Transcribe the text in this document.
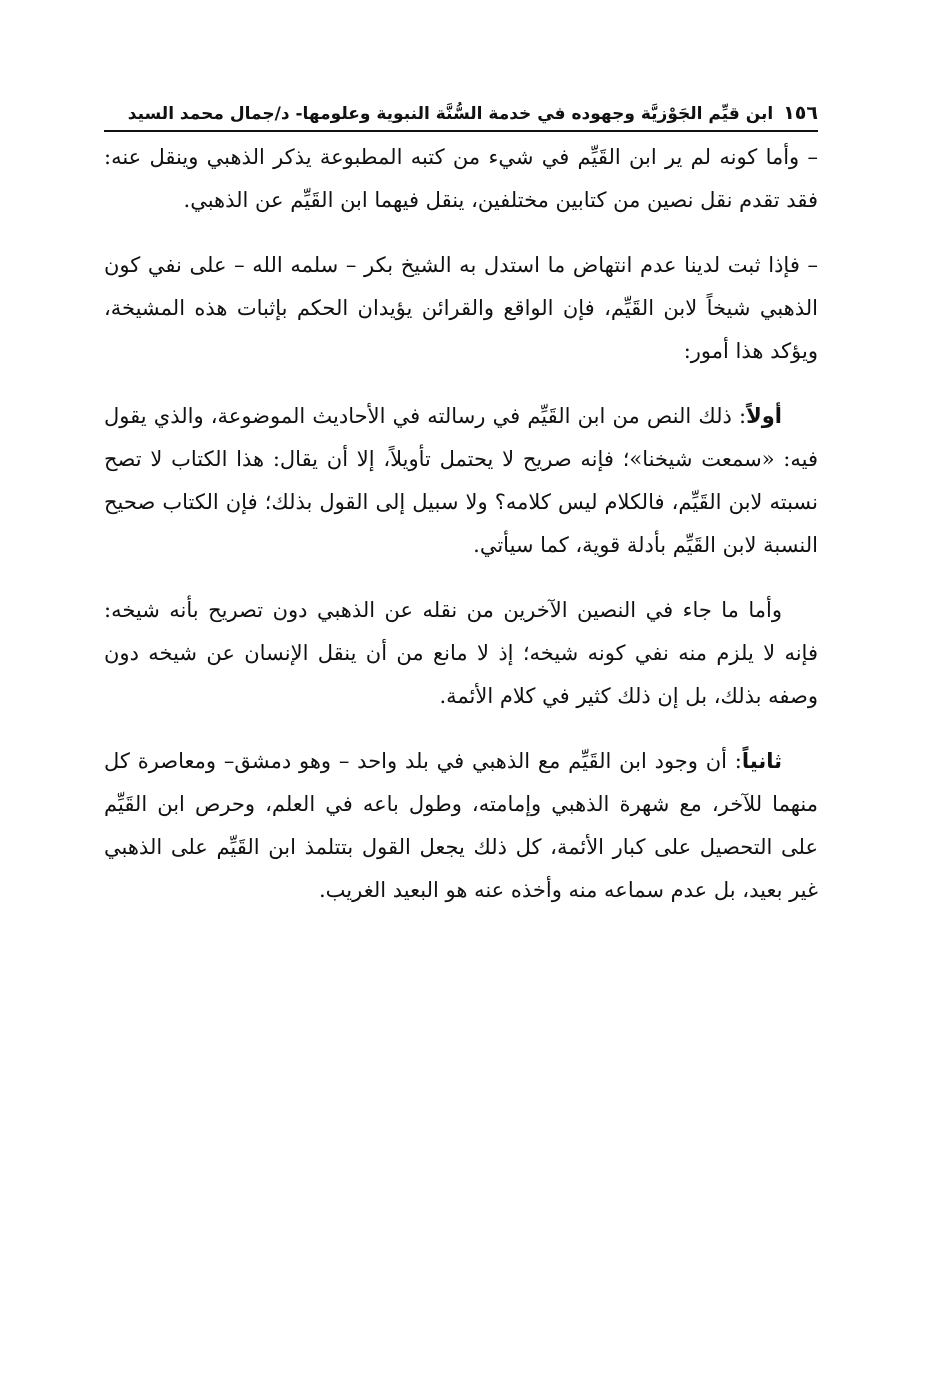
١٥٦
ابن قيِّم الجَوْزيَّة وجهوده في خدمة السُّنَّة النبوية وعلومها- د/جمال محمد السيد

– وأما كونه لم ير ابن القَيِّم في شيء من كتبه المطبوعة يذكر الذهبي وينقل عنه: فقد تقدم نقل نصين من كتابين مختلفين، ينقل فيهما ابن القَيِّم عن الذهبي.

– فإذا ثبت لدينا عدم انتهاض ما استدل به الشيخ بكر – سلمه الله – على نفي كون الذهبي شيخاً لابن القَيِّم، فإن الواقع والقرائن يؤيدان الحكم بإثبات هذه المشيخة، ويؤكد هذا أمور:

أولاً: ذلك النص من ابن القَيِّم في رسالته في الأحاديث الموضوعة، والذي يقول فيه: «سمعت شيخنا»؛ فإنه صريح لا يحتمل تأويلاً، إلا أن يقال: هذا الكتاب لا تصح نسبته لابن القَيِّم، فالكلام ليس كلامه؟ ولا سبيل إلى القول بذلك؛ فإن الكتاب صحيح النسبة لابن القَيِّم بأدلة قوية، كما سيأتي.

وأما ما جاء في النصين الآخرين من نقله عن الذهبي دون تصريح بأنه شيخه: فإنه لا يلزم منه نفي كونه شيخه؛ إذ لا مانع من أن ينقل الإنسان عن شيخه دون وصفه بذلك، بل إن ذلك كثير في كلام الأئمة.

ثانياً: أن وجود ابن القَيِّم مع الذهبي في بلد واحد – وهو دمشق– ومعاصرة كل منهما للآخر، مع شهرة الذهبي وإمامته، وطول باعه في العلم، وحرص ابن القَيِّم على التحصيل على كبار الأئمة، كل ذلك يجعل القول بتتلمذ ابن القَيِّم على الذهبي غير بعيد، بل عدم سماعه منه وأخذه عنه هو البعيد الغريب.
